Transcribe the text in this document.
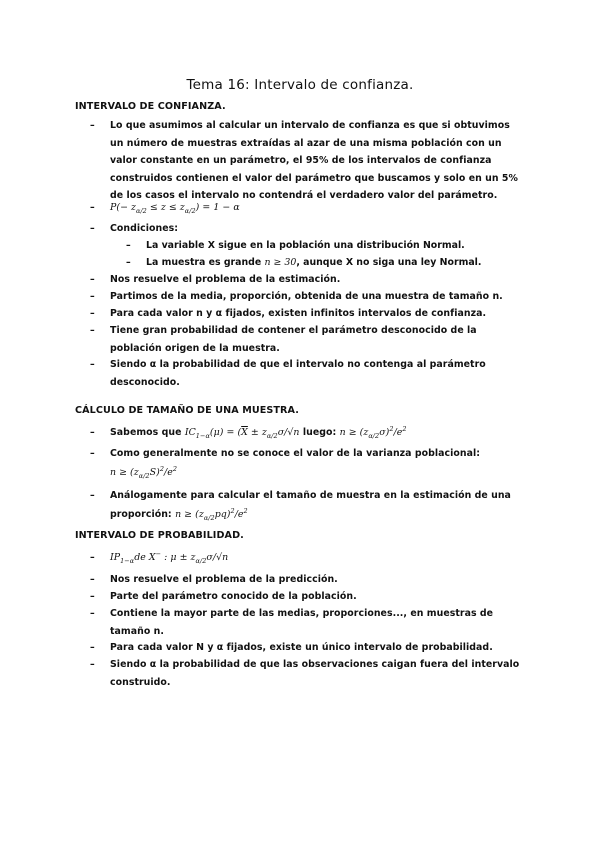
Tema 16: Intervalo de confianza.
INTERVALO DE CONFIANZA.
– Lo que asumimos al calcular un intervalo de confianza es que si obtuvimos un número de muestras extraídas al azar de una misma población con un valor constante en un parámetro, el 95% de los intervalos de confianza construidos contienen el valor del parámetro que buscamos y solo en un 5% de los casos el intervalo no contendrá el verdadero valor del parámetro.
– $P(- z_{\alpha/2} \le z \le z_{\alpha/2}) = 1 - \alpha$
– Condiciones:
– La variable X sigue en la población una distribución Normal.
– La muestra es grande n ≥ 30, aunque X no siga una ley Normal.
– Nos resuelve el problema de la estimación.
– Partimos de la media, proporción, obtenida de una muestra de tamaño n.
– Para cada valor n y α fijados, existen infinitos intervalos de confianza.
– Tiene gran probabilidad de contener el parámetro desconocido de la población origen de la muestra.
– Siendo α la probabilidad de que el intervalo no contenga al parámetro desconocido.
CÁLCULO DE TAMAÑO DE UNA MUESTRA.
– Sabemos que $IC_{1-\alpha}(\mu) = (\overline{X} \pm z_{\alpha/2}\sigma/√n$ luego: $n \ge (z_{\alpha/2}\sigma)^2/e^2$
– Como generalmente no se conoce el valor de la varianza poblacional:
$n \ge (z_{\alpha/2}S)^2/e^2$
– Análogamente para calcular el tamaño de muestra en la estimación de una
proporción: $n \ge (z_{\alpha/2}pq)^2/e^2$
INTERVALO DE PROBABILIDAD.
– $IP_{1-\alpha}de$ X− : $\mu \pm z_{\alpha/2}\sigma/√n$
– Nos resuelve el problema de la predicción.
– Parte del parámetro conocido de la población.
– Contiene la mayor parte de las medias, proporciones..., en muestras de tamaño n.
– Para cada valor N y α fijados, existe un único intervalo de probabilidad.
– Siendo α la probabilidad de que las observaciones caigan fuera del intervalo construido.
